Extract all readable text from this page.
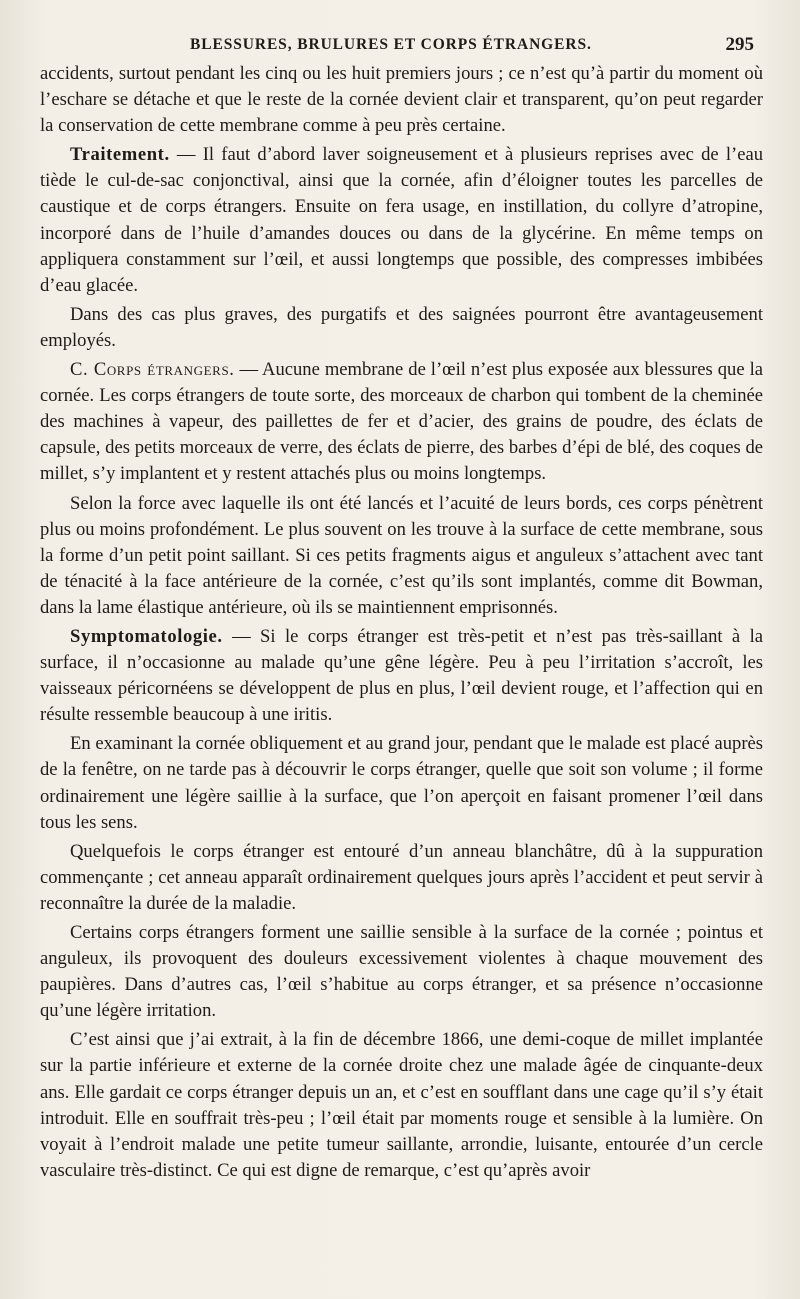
BLESSURES, BRULURES ET CORPS ÉTRANGERS.	295

accidents, surtout pendant les cinq ou les huit premiers jours ; ce n’est qu’à partir du moment où l’eschare se détache et que le reste de la cornée devient clair et transparent, qu’on peut regarder la conservation de cette membrane comme à peu près certaine.

Traitement. — Il faut d’abord laver soigneusement et à plusieurs reprises avec de l’eau tiède le cul-de-sac conjonctival, ainsi que la cornée, afin d’éloigner toutes les parcelles de caustique et de corps étrangers. Ensuite on fera usage, en instillation, du collyre d’atropine, incorporé dans de l’huile d’amandes douces ou dans de la glycérine. En même temps on appliquera constamment sur l’œil, et aussi longtemps que possible, des compresses imbibées d’eau glacée.

Dans des cas plus graves, des purgatifs et des saignées pourront être avantageusement employés.

C. Corps étrangers. — Aucune membrane de l’œil n’est plus exposée aux blessures que la cornée. Les corps étrangers de toute sorte, des morceaux de charbon qui tombent de la cheminée des machines à vapeur, des paillettes de fer et d’acier, des grains de poudre, des éclats de capsule, des petits morceaux de verre, des éclats de pierre, des barbes d’épi de blé, des coques de millet, s’y implantent et y restent attachés plus ou moins longtemps.

Selon la force avec laquelle ils ont été lancés et l’acuité de leurs bords, ces corps pénètrent plus ou moins profondément. Le plus souvent on les trouve à la surface de cette membrane, sous la forme d’un petit point saillant. Si ces petits fragments aigus et anguleux s’attachent avec tant de ténacité à la face antérieure de la cornée, c’est qu’ils sont implantés, comme dit Bowman, dans la lame élastique antérieure, où ils se maintiennent emprisonnés.

Symptomatologie. — Si le corps étranger est très-petit et n’est pas très-saillant à la surface, il n’occasionne au malade qu’une gêne légère. Peu à peu l’irritation s’accroît, les vaisseaux péricornéens se développent de plus en plus, l’œil devient rouge, et l’affection qui en résulte ressemble beaucoup à une iritis.

En examinant la cornée obliquement et au grand jour, pendant que le malade est placé auprès de la fenêtre, on ne tarde pas à découvrir le corps étranger, quelle que soit son volume ; il forme ordinairement une légère saillie à la surface, que l’on aperçoit en faisant promener l’œil dans tous les sens.

Quelquefois le corps étranger est entouré d’un anneau blanchâtre, dû à la suppuration commençante ; cet anneau apparaît ordinairement quelques jours après l’accident et peut servir à reconnaître la durée de la maladie.

Certains corps étrangers forment une saillie sensible à la surface de la cornée ; pointus et anguleux, ils provoquent des douleurs excessivement violentes à chaque mouvement des paupières. Dans d’autres cas, l’œil s’habitue au corps étranger, et sa présence n’occasionne qu’une légère irritation.

C’est ainsi que j’ai extrait, à la fin de décembre 1866, une demi-coque de millet implantée sur la partie inférieure et externe de la cornée droite chez une malade âgée de cinquante-deux ans. Elle gardait ce corps étranger depuis un an, et c’est en soufflant dans une cage qu’il s’y était introduit. Elle en souffrait très-peu ; l’œil était par moments rouge et sensible à la lumière. On voyait à l’endroit malade une petite tumeur saillante, arrondie, luisante, entourée d’un cercle vasculaire très-distinct. Ce qui est digne de remarque, c’est qu’après avoir
